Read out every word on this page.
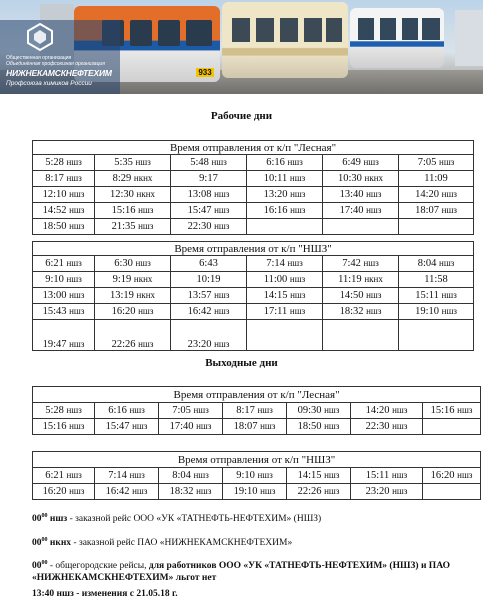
933
Общественная организация
Объединённая профсоюзная организация
НИЖНЕКАМСКНЕФТЕХИМ
Профсоюза химиков России
Рабочие дни
Время отправления от к/п "Лесная"					
5:28 ншз	5:35 ншз	5:48 ншз	6:16 ншз	6:49 ншз	7:05 ншз
8:17 ншз	8:29 нкнх	9:17	10:11 ншз	10:30 нкнх	11:09
12:10 ншз	12:30 нкнх	13:08 ншз	13:20 ншз	13:40 ншз	14:20 ншз
14:52 ншз	15:16 ншз	15:47 ншз	16:16 ншз	17:40 ншз	18:07 ншз
18:50 ншз	21:35 ншз	22:30 ншз			
Время отправления от к/п "НШЗ"					
6:21 ншз	6:30 ншз	6:43	7:14 ншз	7:42 ншз	8:04 ншз
9:10 ншз	9:19 нкнх	10:19	11:00 ншз	11:19 нкнх	11:58
13:00 ншз	13:19 нкнх	13:57 ншз	14:15 ншз	14:50 ншз	15:11 ншз
15:43 ншз	16:20 ншз	16:42 ншз	17:11 ншз	18:32 ншз	19:10 ншз
19:47 ншз	22:26 ншз	23:20 ншз			
Выходные дни
Время отправления от к/п "Лесная"						
5:28 ншз	6:16 ншз	7:05 ншз	8:17 ншз	09:30 ншз	14:20 ншз	15:16 ншз
15:16 ншз	15:47 ншз	17:40 ншз	18:07 ншз	18:50 ншз	22:30 ншз	
Время отправления от к/п "НШЗ"						
6:21 ншз	7:14 ншз	8:04 ншз	9:10 ншз	14:15 ншз	15:11 ншз	16:20 ншз
16:20 ншз	16:42 ншз	18:32 ншз	19:10 ншз	22:26 ншз	23:20 ншз	
$00^{00}$ ншз - заказной рейс ООО «УК «ТАТНЕФТЬ-НЕФТЕХИМ» (НШЗ)
$00^{00}$ нкнх - заказной рейс ПАО «НИЖНЕКАМСКНЕФТЕХИМ»
$00^{00}$ - общегородские рейсы, для работников ООО «УК «ТАТНЕФТЬ-НЕФТЕХИМ» (НШЗ) и ПАО «НИЖНЕКАМСКНЕФТЕХИМ» льгот нет
13:40 ншз - изменения с 21.05.18 г.
